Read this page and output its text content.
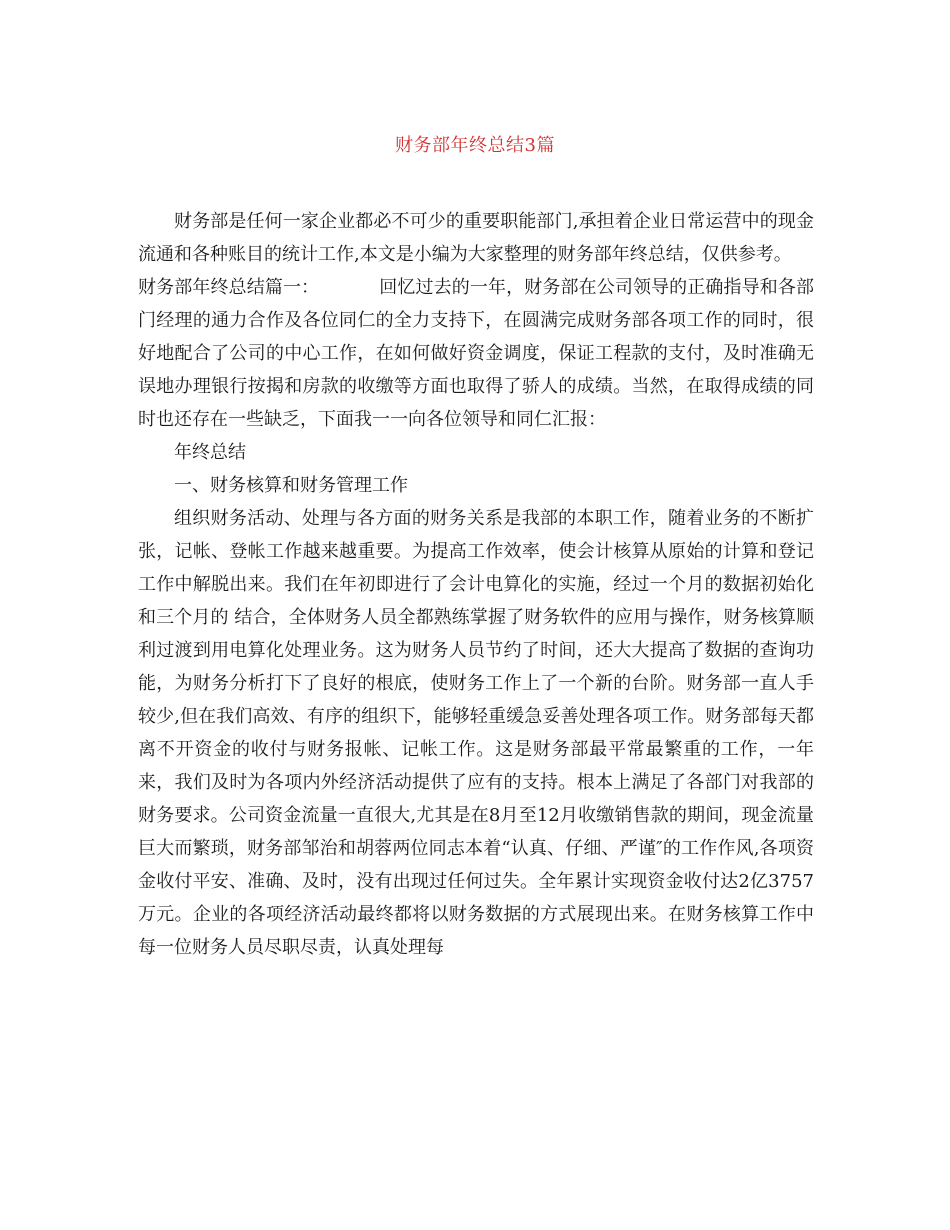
财务部年终总结3篇

财务部是任何一家企业都必不可少的重要职能部门,承担着企业日常运营中的现金流通和各种账目的统计工作,本文是小编为大家整理的财务部年终总结，仅供参考。

财务部年终总结篇一：	回忆过去的一年，财务部在公司领导的正确指导和各部门经理的通力合作及各位同仁的全力支持下，在圆满完成财务部各项工作的同时，很好地配合了公司的中心工作，在如何做好资金调度，保证工程款的支付，及时准确无误地办理银行按揭和房款的收缴等方面也取得了骄人的成绩。当然，在取得成绩的同时也还存在一些缺乏，下面我一一向各位领导和同仁汇报：

年终总结

一、财务核算和财务管理工作

组织财务活动、处理与各方面的财务关系是我部的本职工作，随着业务的不断扩张，记帐、登帐工作越来越重要。为提高工作效率，使会计核算从原始的计算和登记工作中解脱出来。我们在年初即进行了会计电算化的实施，经过一个月的数据初始化和三个月的 结合，全体财务人员全都熟练掌握了财务软件的应用与操作，财务核算顺利过渡到用电算化处理业务。这为财务人员节约了时间，还大大提高了数据的查询功能，为财务分析打下了良好的根底，使财务工作上了一个新的台阶。财务部一直人手较少,但在我们高效、有序的组织下，能够轻重缓急妥善处理各项工作。财务部每天都离不开资金的收付与财务报帐、记帐工作。这是财务部最平常最繁重的工作，一年来，我们及时为各项内外经济活动提供了应有的支持。根本上满足了各部门对我部的财务要求。公司资金流量一直很大,尤其是在8月至12月收缴销售款的期间，现金流量巨大而繁琐，财务部邹治和胡蓉两位同志本着“认真、仔细、严谨″的工作作风,各项资金收付平安、准确、及时，没有出现过任何过失。全年累计实现资金收付达2亿3757万元。企业的各项经济活动最终都将以财务数据的方式展现出来。在财务核算工作中每一位财务人员尽职尽责，认真处理每
